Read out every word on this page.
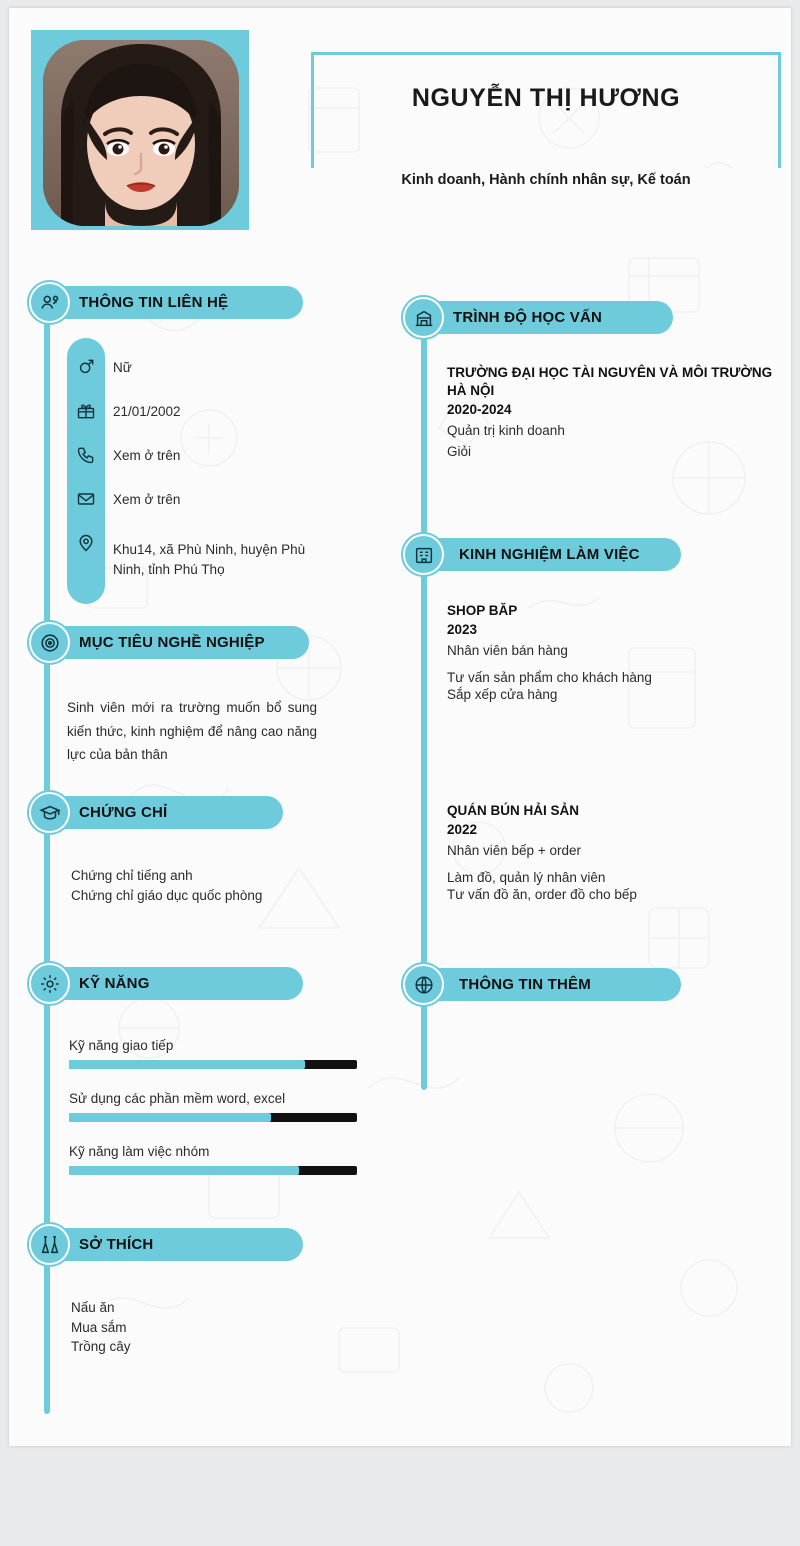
NGUYỄN THỊ HƯƠNG
Kinh doanh, Hành chính nhân sự, Kế toán
THÔNG TIN LIÊN HỆ
Nữ
21/01/2002
Xem ở trên
Xem ở trên
Khu14, xã Phù Ninh, huyện Phù Ninh, tỉnh Phú Thọ
MỤC TIÊU NGHỀ NGHIỆP
Sinh viên mới ra trường muốn bổ sung kiến thức, kinh nghiệm để nâng cao năng lực của bản thân
CHỨNG CHỈ
Chứng chỉ tiếng anh
Chứng chỉ giáo dục quốc phòng
KỸ NĂNG
Kỹ năng giao tiếp
Sử dụng các phần mềm word, excel
Kỹ năng làm việc nhóm
SỞ THÍCH
Nấu ăn
Mua sắm
Trồng cây
TRÌNH ĐỘ HỌC VẤN
TRƯỜNG ĐẠI HỌC TÀI NGUYÊN VÀ MÔI TRƯỜNG HÀ NỘI
2020-2024
Quản trị kinh doanh
Giỏi
KINH NGHIỆM LÀM VIỆC
SHOP BĂP
2023
Nhân viên bán hàng
Tư vấn sản phẩm cho khách hàng
Sắp xếp cửa hàng
QUÁN BÚN HẢI SẢN
2022
Nhân viên bếp + order
Làm đồ, quản lý nhân viên
Tư vấn đồ ăn, order đồ cho bếp
THÔNG TIN THÊM
